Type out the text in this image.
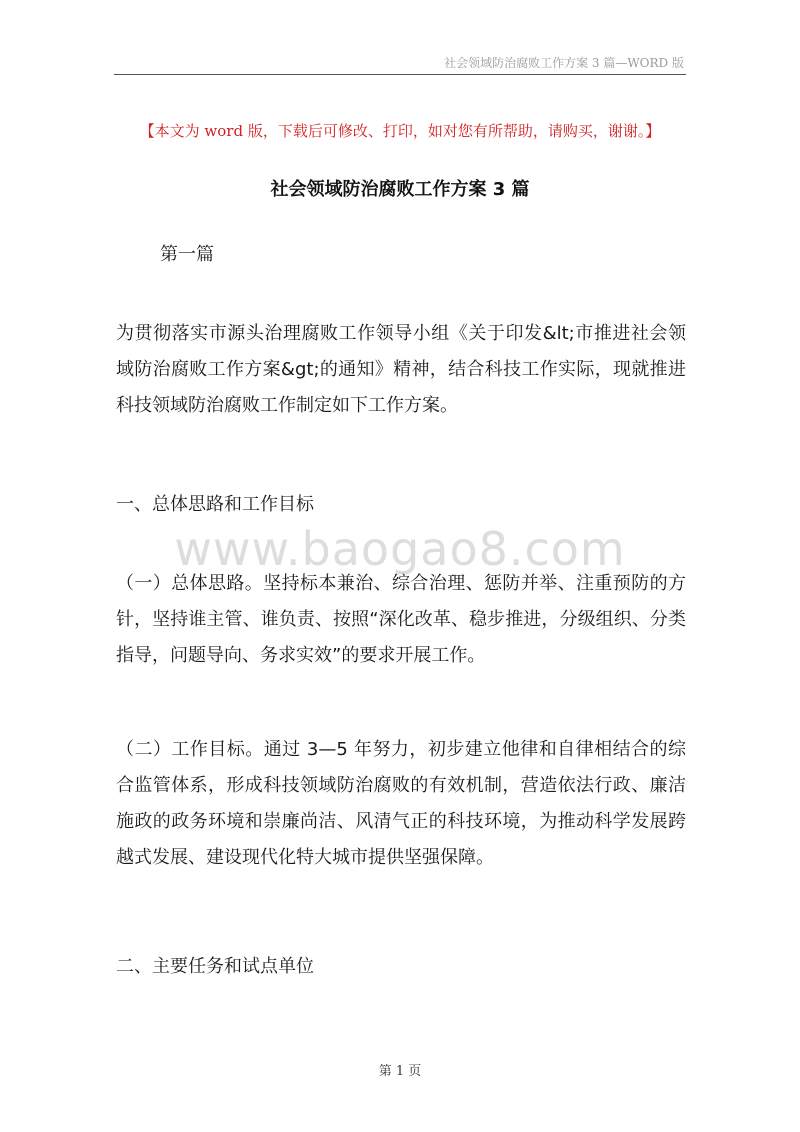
社会领域防治腐败工作方案 3 篇—WORD 版
【本文为 word 版，下载后可修改、打印，如对您有所帮助，请购买，谢谢。】
社会领域防治腐败工作方案 3 篇
第一篇
为贯彻落实市源头治理腐败工作领导小组《关于印发&lt;市推进社会领域防治腐败工作方案&gt;的通知》精神，结合科技工作实际，现就推进科技领域防治腐败工作制定如下工作方案。
一、总体思路和工作目标
www.baogao8.com
（一）总体思路。坚持标本兼治、综合治理、惩防并举、注重预防的方针，坚持谁主管、谁负责、按照“深化改革、稳步推进，分级组织、分类指导，问题导向、务求实效”的要求开展工作。
（二）工作目标。通过 3—5 年努力，初步建立他律和自律相结合的综合监管体系，形成科技领域防治腐败的有效机制，营造依法行政、廉洁施政的政务环境和崇廉尚洁、风清气正的科技环境，为推动科学发展跨越式发展、建设现代化特大城市提供坚强保障。
二、主要任务和试点单位
第 1 页
